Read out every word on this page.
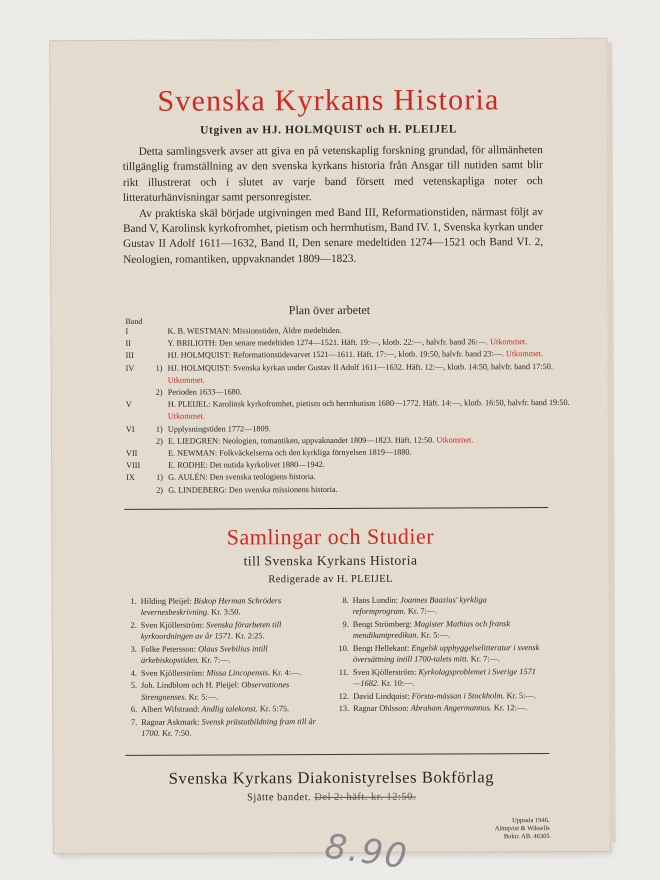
Svenska Kyrkans Historia
Utgiven av HJ. HOLMQUIST och H. PLEIJEL

Detta samlingsverk avser att giva en på vetenskaplig forskning grundad, för allmänheten tillgänglig framställning av den svenska kyrkans historia från Ansgar till nutiden samt blir rikt illustrerat och i slutet av varje band försett med vetenskapliga noter och litteraturhänvisningar samt personregister.

Av praktiska skäl började utgivningen med Band III, Reformationstiden, närmast följt av Band V, Karolinsk kyrkofromhet, pietism och herrnhutism, Band IV. 1, Svenska kyrkan under Gustav II Adolf 1611—1632, Band II, Den senare medeltiden 1274—1521 och Band VI. 2, Neologien, romantiken, uppvaknandet 1809—1823.

Plan över arbetet
Band
I	K. B. WESTMAN: Missionstiden, Äldre medeltiden.
II	Y. BRILIOTH: Den senare medeltiden 1274—1521. Häft. 19:—, klotb. 22:—, halvfr. band 26:—. Utkommet.
III	HJ. HOLMQUIST: Reformationstidevarvet 1521—1611. Häft. 17:—, klotb. 19:50, halvfr. band 23:—. Utkommet.
IV	1) HJ. HOLMQUIST: Svenska kyrkan under Gustav II Adolf 1611—1632. Häft. 12:—, klotb. 14:50, halvfr. band 17:50. Utkommet.
2) Perioden 1633—1680.
V	H. PLEIJEL: Karolinsk kyrkofromhet, pietism och herrnhutism 1680—1772. Häft. 14:—, klotb. 16:50, halvfr. band 19:50. Utkommet.
VI	1) Upplysningstiden 1772—1809.
2) E. LIEDGREN: Neologien, romantiken, uppvaknandet 1809—1823. Häft. 12:50. Utkommet.
VII	E. NEWMAN: Folkväckelserna och den kyrkliga förnyelsen 1819—1880.
VIII	E. RODHE: Det nutida kyrkolivet 1880—1942.
IX	1) G. AULÉN: Den svenska teologiens historia.
2) G. LINDEBERG: Den svenska missionens historia.
Samlingar och Studier
till Svenska Kyrkans Historia
Redigerade av H. PLEIJEL
1. Hilding Pleijel: Biskop Herman Schröders levernesbeskrivning. Kr. 3:50.
2. Sven Kjöllerström: Svenska förarbeten till kyrkoordningen av år 1571. Kr. 2:25.
3. Folke Petersson: Olaus Svebilius intill ärkebiskopstiden. Kr. 7:—.
4. Sven Kjöllerström: Missa Lincopensis. Kr. 4:—.
5. Joh. Lindblom och H. Pleijel: Observationes Strengnenses. Kr. 5:—.
6. Albert Wifstrand: Andlig talekonst. Kr. 5:75.
7. Ragnar Askmark: Svensk prästutbildning fram till år 1700. Kr. 7:50.
8. Hans Lundin: Joannes Baazius' kyrkliga reformprogram. Kr. 7:—.
9. Bengt Strömberg: Magister Mathias och fransk mendikantpredikan. Kr. 5:—.
10. Bengt Hellekant: Engelsk uppbyggelselitteratur i svensk översättning intill 1700-talets mitt. Kr. 7:—.
11. Sven Kjöllerström: Kyrkolagsproblemet i Sverige 1571—1682. Kr. 10:—.
12. David Lindquist: Första-mässan i Stockholm. Kr. 5:—.
13. Ragnar Ohlsson: Abraham Angermannus. Kr. 12:—.
Svenska Kyrkans Diakonistyrelses Bokförlag
Sjätte bandet. Del 2: häft. kr. 12:50.
Uppsala 1946.
Almqvist & Wiksells
Boktr. AB. 46305
8.90
